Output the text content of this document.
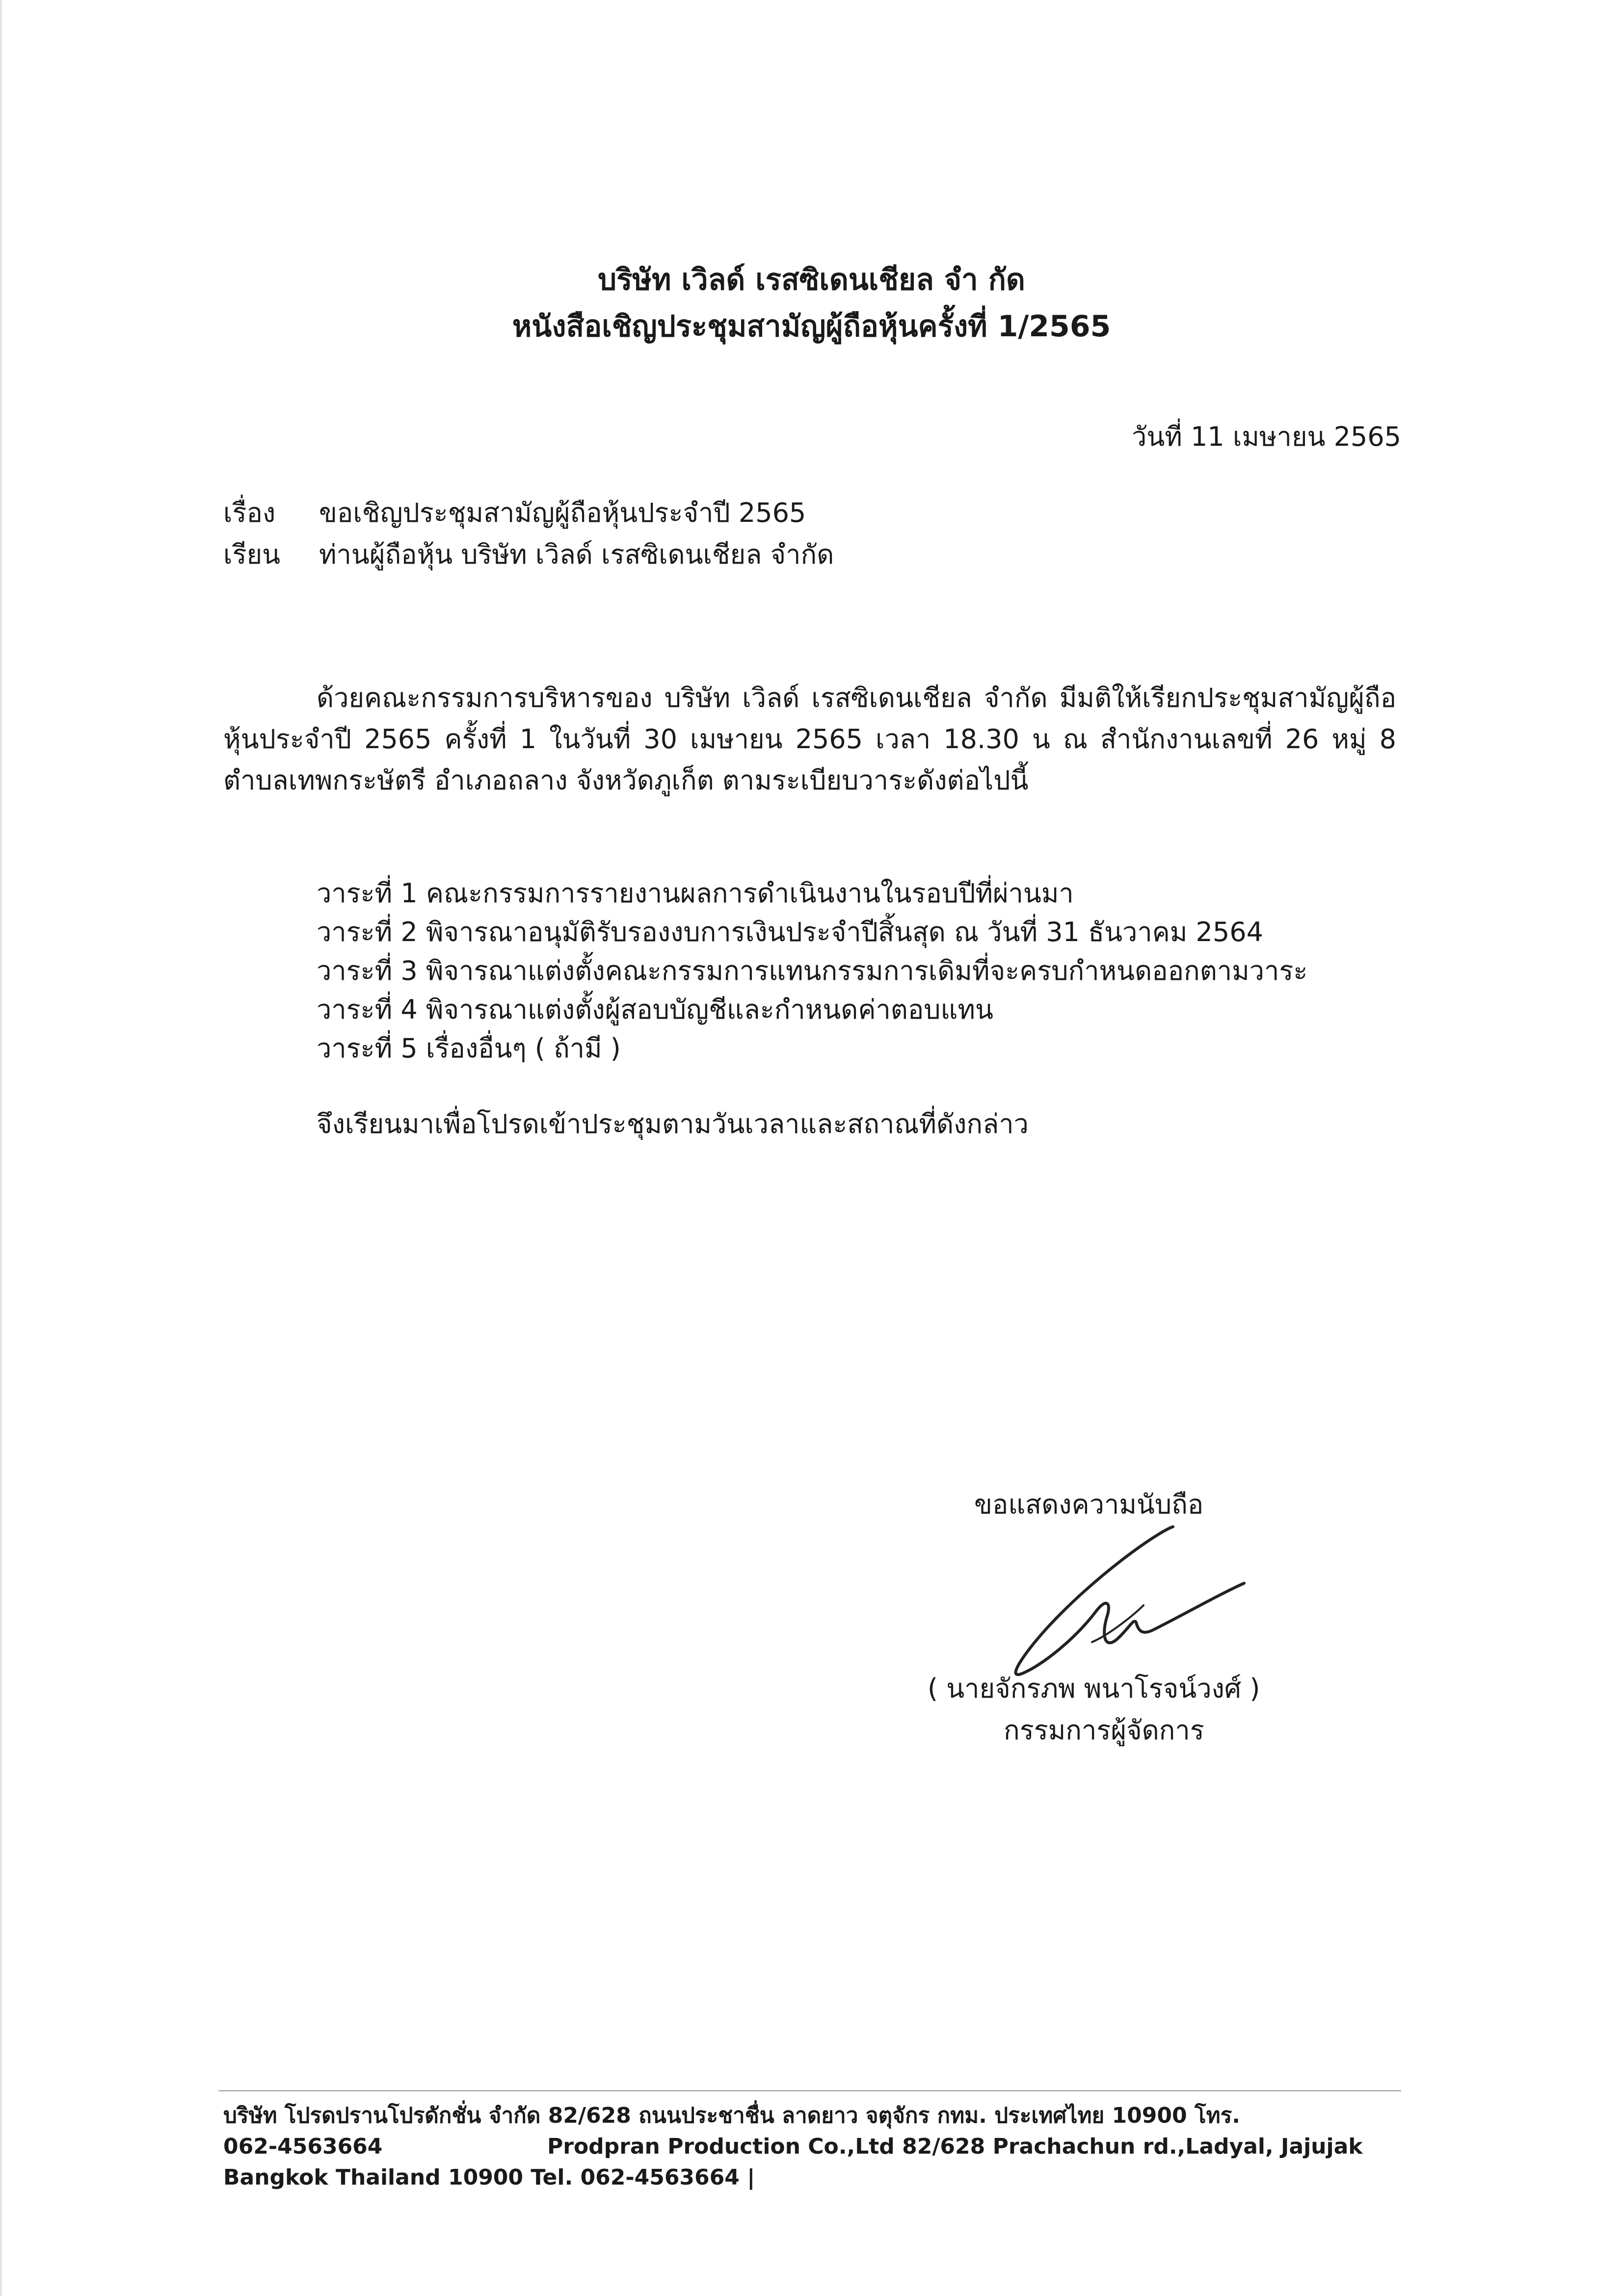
บริษัท เวิลด์ เรสซิเดนเชียล จำ กัด
หนังสือเชิญประชุมสามัญผู้ถือหุ้นครั้งที่ 1/2565
วันที่ 11 เมษายน 2565
เรื่อง ขอเชิญประชุมสามัญผู้ถือหุ้นประจำปี 2565
เรียน ท่านผู้ถือหุ้น บริษัท เวิลด์ เรสซิเดนเชียล จำกัด

ด้วยคณะกรรมการบริหารของ บริษัท เวิลด์ เรสซิเดนเชียล จำกัด มีมติให้เรียกประชุมสามัญผู้ถือหุ้นประจำปี 2565 ครั้งที่ 1 ในวันที่ 30 เมษายน 2565 เวลา 18.30 น ณ สำนักงานเลขที่ 26 หมู่ 8 ตำบลเทพกระษัตรี อำเภอถลาง จังหวัดภูเก็ต ตามระเบียบวาระดังต่อไปนี้

วาระที่ 1 คณะกรรมการรายงานผลการดำเนินงานในรอบปีที่ผ่านมา
วาระที่ 2 พิจารณาอนุมัติรับรองงบการเงินประจำปีสิ้นสุด ณ วันที่ 31 ธันวาคม 2564
วาระที่ 3 พิจารณาแต่งตั้งคณะกรรมการแทนกรรมการเดิมที่จะครบกำหนดออกตามวาระ
วาระที่ 4 พิจารณาแต่งตั้งผู้สอบบัญชีและกำหนดค่าตอบแทน
วาระที่ 5 เรื่องอื่นๆ ( ถ้ามี )
จึงเรียนมาเพื่อโปรดเข้าประชุมตามวันเวลาและสถาณที่ดังกล่าว
ขอแสดงความนับถือ
( นายจักรภพ พนาโรจน์วงศ์ )
กรรมการผู้จัดการ
บริษัท โปรดปรานโปรดักชั่น จำกัด 82/628 ถนนประชาชื่น ลาดยาว จตุจักร กทม. ประเทศไทย 10900 โทร.
062-4563664	Prodpran Production Co.,Ltd 82/628 Prachachun rd.,Ladyal, Jajujak
Bangkok Thailand 10900 Tel. 062-4563664 |
